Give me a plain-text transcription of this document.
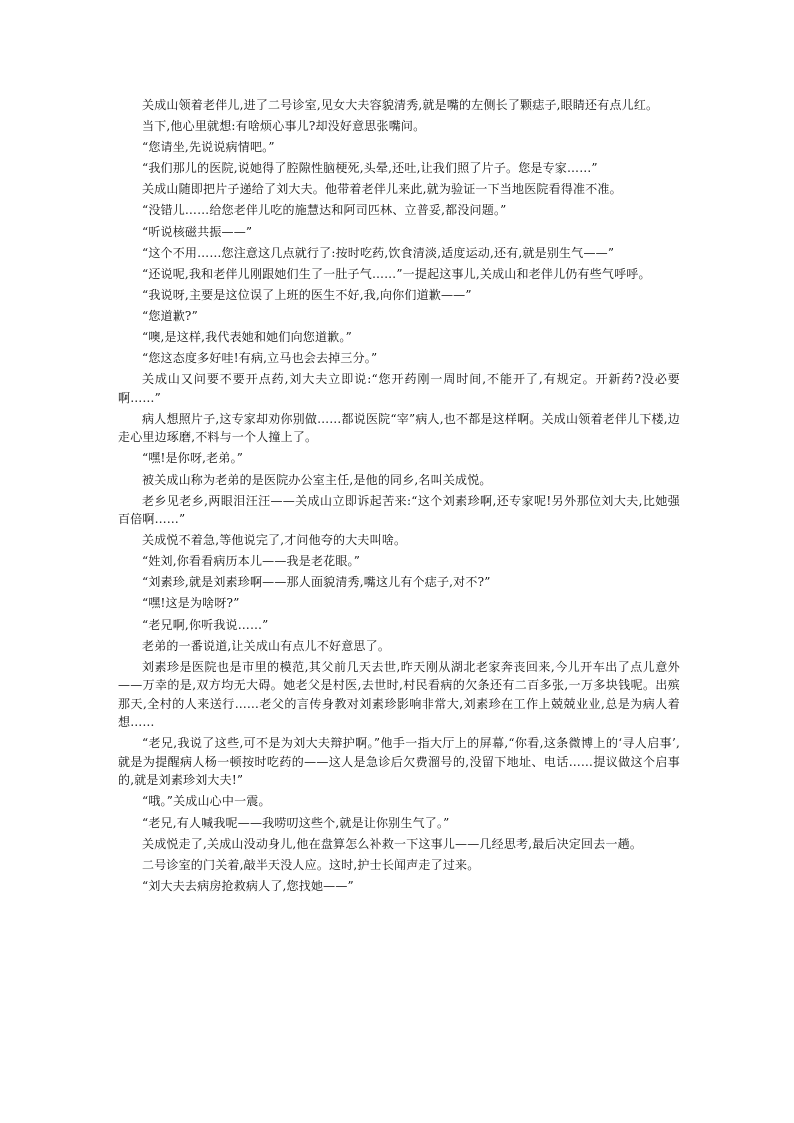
关成山领着老伴儿,进了二号诊室,见女大夫容貌清秀,就是嘴的左侧长了颗痣子,眼睛还有点儿红。

当下,他心里就想:有啥烦心事儿?却没好意思张嘴问。

“您请坐,先说说病情吧。”

“我们那儿的医院,说她得了腔隙性脑梗死,头晕,还吐,让我们照了片子。您是专家……”

关成山随即把片子递给了刘大夫。他带着老伴儿来此,就为验证一下当地医院看得准不准。

“没错儿……给您老伴儿吃的施慧达和阿司匹林、立普妥,都没问题。”

“听说核磁共振——”

“这个不用……您注意这几点就行了:按时吃药,饮食清淡,适度运动,还有,就是别生气——”

“还说呢,我和老伴儿刚跟她们生了一肚子气……”一提起这事儿,关成山和老伴儿仍有些气呼呼。

“我说呀,主要是这位误了上班的医生不好,我,向你们道歉——”

“您道歉?”

“噢,是这样,我代表她和她们向您道歉。”

“您这态度多好哇!有病,立马也会去掉三分。”

关成山又问要不要开点药,刘大夫立即说:“您开药刚一周时间,不能开了,有规定。开新药?没必要啊……”

病人想照片子,这专家却劝你别做……都说医院“宰”病人,也不都是这样啊。关成山领着老伴儿下楼,边走心里边琢磨,不料与一个人撞上了。

“嘿!是你呀,老弟。”

被关成山称为老弟的是医院办公室主任,是他的同乡,名叫关成悦。

老乡见老乡,两眼泪汪汪——关成山立即诉起苦来:“这个刘素珍啊,还专家呢!另外那位刘大夫,比她强百倍啊……”

关成悦不着急,等他说完了,才问他夸的大夫叫啥。

“姓刘,你看看病历本儿——我是老花眼。”

“刘素珍,就是刘素珍啊——那人面貌清秀,嘴这儿有个痣子,对不?”

“嘿!这是为啥呀?”

“老兄啊,你听我说……”

老弟的一番说道,让关成山有点儿不好意思了。

刘素珍是医院也是市里的模范,其父前几天去世,昨天刚从湖北老家奔丧回来,今儿开车出了点儿意外——万幸的是,双方均无大碍。她老父是村医,去世时,村民看病的欠条还有二百多张,一万多块钱呢。出殡那天,全村的人来送行……老父的言传身教对刘素珍影响非常大,刘素珍在工作上兢兢业业,总是为病人着想……

“老兄,我说了这些,可不是为刘大夫辩护啊。”他手一指大厅上的屏幕,“你看,这条微博上的‘寻人启事’,就是为提醒病人杨一顿按时吃药的——这人是急诊后欠费溜号的,没留下地址、电话……提议做这个启事的,就是刘素珍刘大夫!”

“哦。”关成山心中一震。

“老兄,有人喊我呢——我唠叨这些个,就是让你别生气了。”

关成悦走了,关成山没动身儿,他在盘算怎么补救一下这事儿——几经思考,最后决定回去一趟。

二号诊室的门关着,敲半天没人应。这时,护士长闻声走了过来。

“刘大夫去病房抢救病人了,您找她——”
